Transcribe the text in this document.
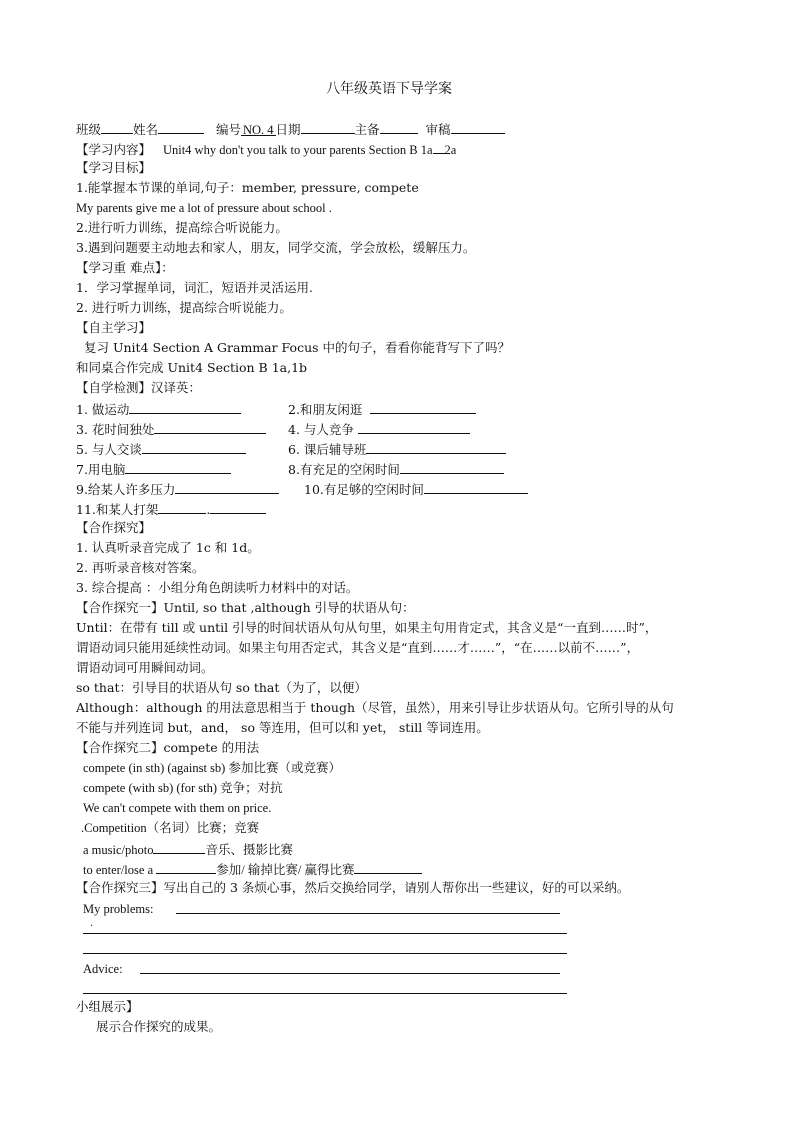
八年级英语下导学案
班级	姓名	编号 NO. 4 日期	主备	审稿
【学习内容】 Unit4 why don't you talk to your parents Section B 1a 2a
【学习目标】
1.能掌握本节课的单词,句子：member, pressure, compete
My parents give me a lot of pressure about school .
2.进行听力训练，提高综合听说能力。
3.遇到问题要主动地去和家人，朋友，同学交流，学会放松，缓解压力。
【学习重 难点】：
1．学习掌握单词，词汇，短语并灵活运用.
2. 进行听力训练，提高综合听说能力。
【自主学习】
复习 Unit4 Section A Grammar Focus 中的句子，看看你能背写下了吗？
和同桌合作完成 Unit4 Section B 1a,1b
【自学检测】汉译英：
1. 做运动	2.和朋友闲逛
3. 花时间独处	4. 与人竞争
5. 与人交谈	6. 课后辅导班
7.用电脑	8.有充足的空闲时间
9.给某人许多压力	10.有足够的空闲时间
11.和某人打架	.
【合作探究】
1. 认真听录音完成了 1c 和 1d。
2. 再听录音核对答案。
3. 综合提高 ：小组分角色朗读听力材料中的对话。
【合作探究一】Until, so that ,although 引导的状语从句：
Until：在带有 till 或 until 引导的时间状语从句从句里，如果主句用肯定式，其含义是“一直到……时”，
谓语动词只能用延续性动词。如果主句用否定式，其含义是“直到……才……”，“在……以前不……”，
谓语动词可用瞬间动词。
so that：引导目的状语从句 so that（为了，以便）
Although：although 的用法意思相当于 though（尽管，虽然），用来引导让步状语从句。它所引导的从句
不能与并列连词 but，and， so 等连用，但可以和 yet， still 等词连用。
【合作探究二】compete 的用法
compete (in sth) (against sb) 参加比赛（或竞赛）
compete (with sb) (for sth) 竞争；对抗
We can't compete with them on price.
.Competition（名词）比赛；竞赛
a music/photo	音乐、摄影比赛
to enter/lose a	参加/ 输掉比赛/ 赢得比赛
【合作探究三】写出自己的 3 条烦心事，然后交换给同学，请别人帮你出一些建议，好的可以采纳。
My problems:
.
Advice:
小组展示】
展示合作探究的成果。
